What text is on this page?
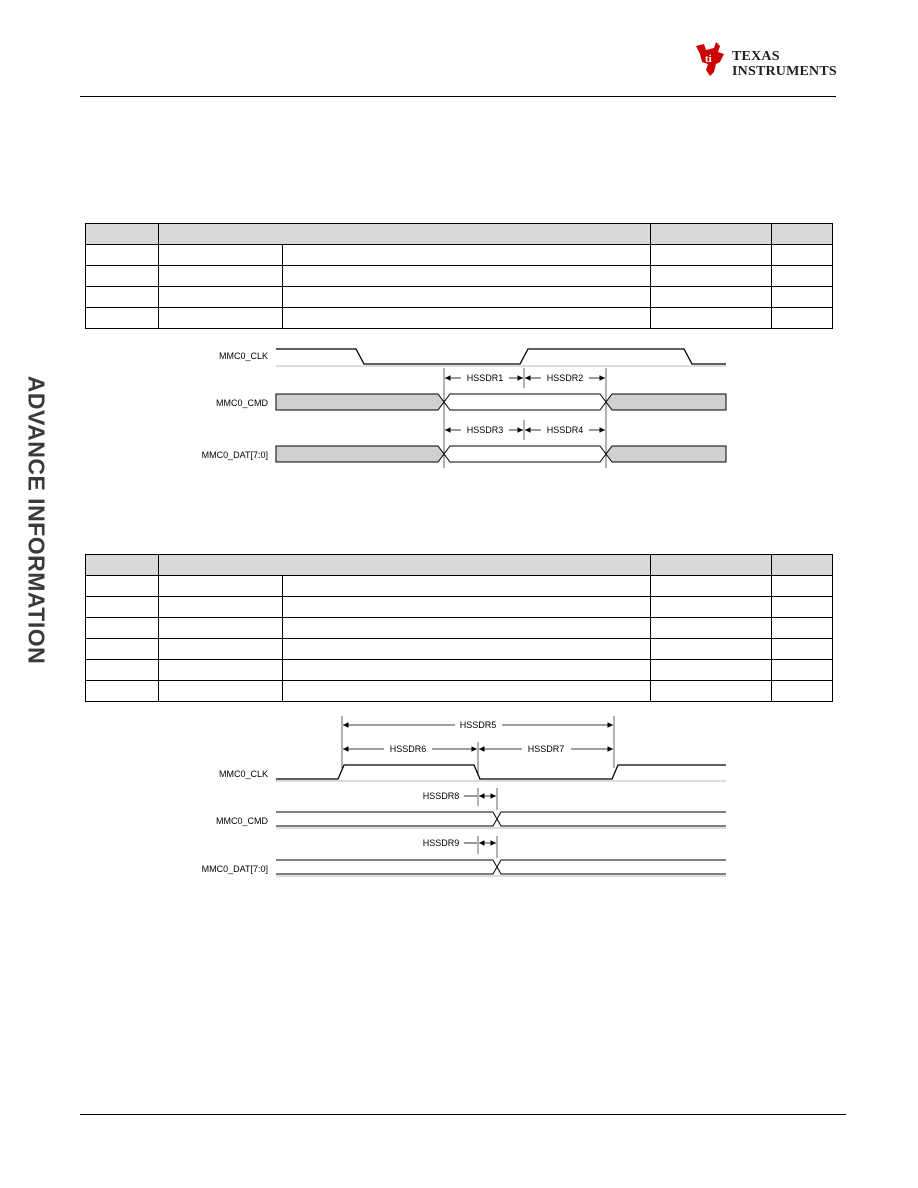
ti TEXAS
INSTRUMENTS
ADVANCE INFORMATION

MMC0_CLK
MMC0_CMD
MMC0_DAT[7:0]
HSSDR1	HSSDR2
HSSDR3	HSSDR4

MMC0_CLK
MMC0_CMD
MMC0_DAT[7:0]
HSSDR5
HSSDR6	HSSDR7
HSSDR8
HSSDR9
